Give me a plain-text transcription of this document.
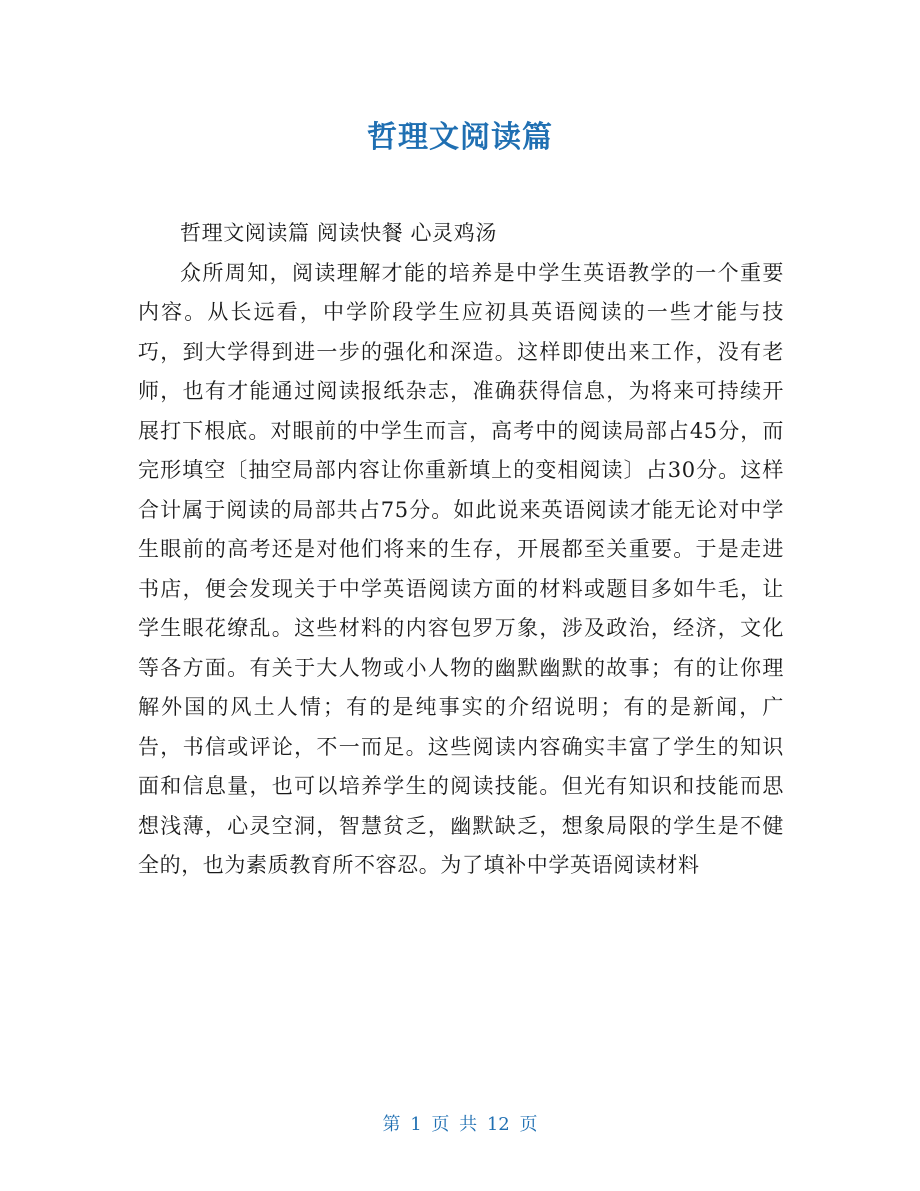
哲理文阅读篇

哲理文阅读篇 阅读快餐 心灵鸡汤

众所周知，阅读理解才能的培养是中学生英语教学的一个重要内容。从长远看，中学阶段学生应初具英语阅读的一些才能与技巧，到大学得到进一步的强化和深造。这样即使出来工作，没有老师，也有才能通过阅读报纸杂志，准确获得信息，为将来可持续开展打下根底。对眼前的中学生而言，高考中的阅读局部占45分，而完形填空〔抽空局部内容让你重新填上的变相阅读〕占30分。这样合计属于阅读的局部共占75分。如此说来英语阅读才能无论对中学生眼前的高考还是对他们将来的生存，开展都至关重要。于是走进书店，便会发现关于中学英语阅读方面的材料或题目多如牛毛，让学生眼花缭乱。这些材料的内容包罗万象，涉及政治，经济，文化等各方面。有关于大人物或小人物的幽默幽默的故事；有的让你理解外国的风土人情；有的是纯事实的介绍说明；有的是新闻，广告，书信或评论，不一而足。这些阅读内容确实丰富了学生的知识面和信息量，也可以培养学生的阅读技能。但光有知识和技能而思想浅薄，心灵空洞，智慧贫乏，幽默缺乏，想象局限的学生是不健全的，也为素质教育所不容忍。为了填补中学英语阅读材料

第 1 页 共 12 页
